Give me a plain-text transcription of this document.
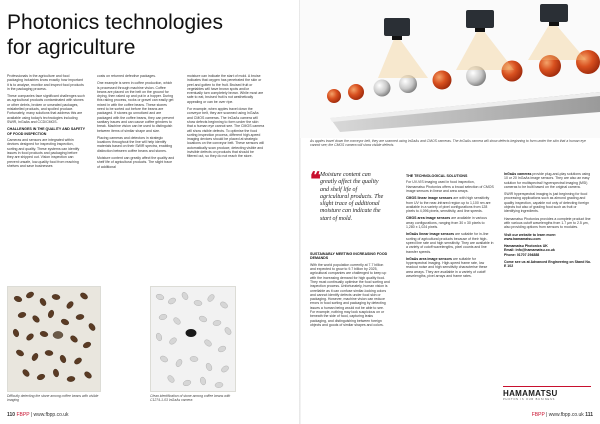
Photonics technologies
for agriculture

Professionals in the agriculture and food packaging industries know exactly how important it is to analyse, monitor and inspect food products in the packaging process.

These companies face significant challenges such as agricultural products contaminated with stones or other debris, broken or unsealed packages, mislabelled products, and spoiled produce. Fortunately, many solutions that address this are available using today's technologies including SWIR, InGaAs and CCD/CMOS.

CHALLENGES IN THE QUALITY AND SAFETY OF FOOD INSPECTION

Cameras and sensors are integrated within devices designed for inspecting inspection, sorting and quality. These systems can identify issues in food products and packaging before they are shipped out. Vision inspection can prevent unsafe, low-quality food from reaching shelves and save businesses

costs on returned defective packages.

One example is seen in coffee production, which is processed through machine vision. Coffee beans are placed on the belt on the ground for drying, then raked up and put in a hopper. During this raking process, rocks or gravel can easily get mixed in with the coffee beans. These stones need to be sorted out before the beans are packaged. If stones go unnoticed and are packaged with the coffee beans, they can prevent sanitary issues and can cause coffee grinders to break. Machine vision can be used to distinguish between items of similar shape and size.

Placing cameras and detectors in strategic locations throughout the line will help identify materials based on their SWIR spectra, enabling distinction between coffee beans and stones.

Moisture content can greatly affect the quality and shelf life of agricultural products. The slight trace of additional

moisture can indicate the start of mold. A bruise indicates that oxygen has penetrated the skin or peel and gotten to the fruit. Bruised fruit or vegetables will have brown spots and/or eventually turn completely brown. While most are safe to eat, bruised fruit is not aesthetically appealing or can be over ripe.

For example, when apples travel down the conveyor belt, they are scanned using InGaAs and CMOS cameras. The InGaAs camera will show defects beginning to form under the skin that a human eye cannot see. The CMOS camera will show visible defects. To optimise the food sorting inspection process, different high-speed imaging devices should be placed at strategic locations on the conveyor belt. These sensors will automatically scan produce, detecting visible and invisible defects on products that should be filtered out, so they do not reach the store.

Difficulty detecting the stone among coffee beans with visible imaging
Clean identification of stone among coffee beans with C1274-1-03 InGaAs camera
110 FBPP | www.fbpp.co.uk
As apples travel down the conveyor belt, they are scanned using InGaAs and CMOS cameras. The InGaAs camera will show defects beginning to form under the skin that a human eye cannot see; the CMOS camera will show visible defects.
❝ Moisture content can greatly affect the quality and shelf life of agricultural products. The slight trace of additional moisture can indicate the start of mold.
SUSTAINABLY MEETING INCREASING FOOD DEMANDS

With the world population currently at 7.7 billion and expected to grow to 9.7 billion by 2025, agricultural companies are challenged to keep up with the increasing demand for high quality food. They must continually optimise the food sorting and inspection process. Unfortunately, human vision is unreliable as it can confuse similar-looking colors and cannot identify defects under food skin or packaging. However, machine vision can reduce errors in food sorting and packaging by detecting issues a human being would not be able to see. For example, nothing may look suspicious on or beneath the side of food, capturing leaks packaging, and distinguishing between foreign objects and goods of similar shapes and colors.

THE TECHNOLOGICAL SOLUTIONS

For UV-VIS imaging used in food inspection, Hamamatsu Photonics offers a broad selection of CMOS image sensors in linear and area arrays.

CMOS linear image sensors are with high sensitivity from UV to the near-infrared region up to 1,100 nm are available in a variety of pixel configurations from 128 pixels to 4,096 pixels, sensitivity, and line speeds.

CMOS area image sensors are available in various array configurations, ranging from 30 x 30 pixels to 1,280 x 1,024 pixels.

InGaAs linear image sensors are suitable for in-line sorting of agricultural products because of their high-speed line rate and high sensitivity. They are available in a variety of cutoff wavelengths, pixel counts and line transfer speeds.

InGaAs area image sensors are suitable for hyperspectral imaging. High-speed frame rate, low readout noise and high sensitivity characterise these area arrays. They are available in a variety of cutoff wavelengths, pixel arrays and frame rates.

InGaAs cameras provide plug-and-play solutions using 10 or 20 InGaAs image sensors. They are also an easy solution for multispectral/ hyperspectral imaging (MSI) cameras to be built based on the original camera.

SWIR hyperspectral imaging is just beginning for food processing applications such as almond grading and quality inspection, capable not only of detecting foreign objects but also of grading food such as fruit or identifying ingredients.

Hamamatsu Photonics provides a complete product line with various cutoff wavelengths from 1.7 µm to 2.5 µm, also providing options from sensors to modules.

Visit our website to learn more: www.hamamatsu.com

Hamamatsu Photonics UK
Email: info@hamamatsu.co.uk
Phone: 01707 294888

Come see us at Advanced Engineering on Stand No. E 102

HAMAMATSU
PHOTON IS OUR BUSINESS
FBPP | www.fbpp.co.uk 111
